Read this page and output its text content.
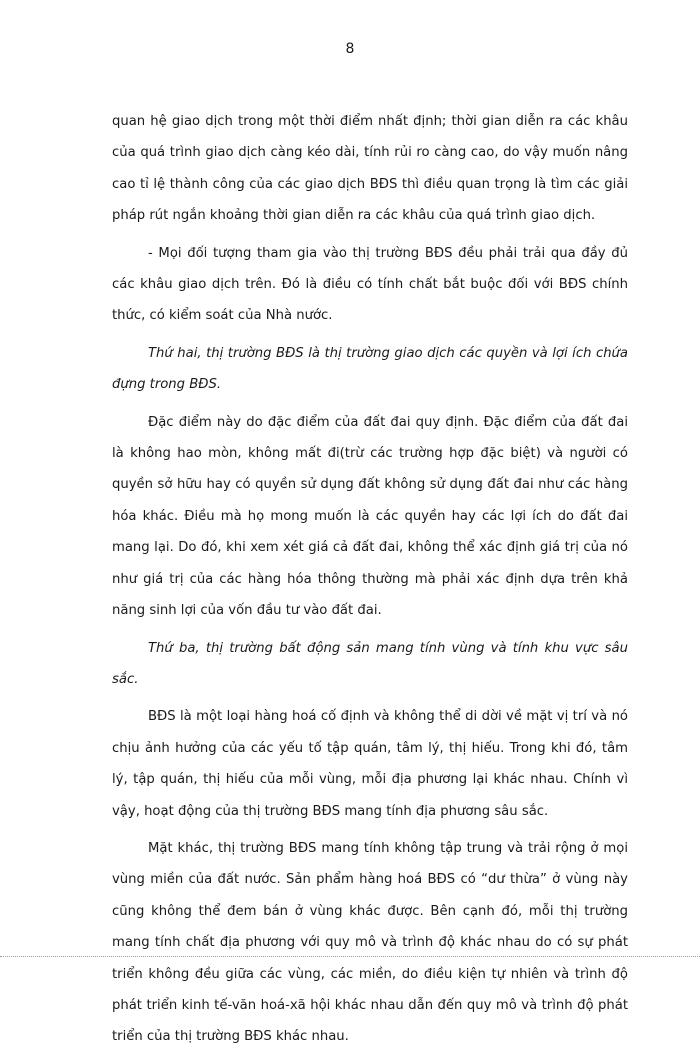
8

quan hệ giao dịch trong một thời điểm nhất định; thời gian diễn ra các khâu của quá trình giao dịch càng kéo dài, tính rủi ro càng cao, do vậy muốn nâng cao tỉ lệ thành công của các giao dịch BĐS thì điều quan trọng là tìm các giải pháp rút ngắn khoảng thời gian diễn ra các khâu của quá trình giao dịch.

- Mọi đối tượng tham gia vào thị trường BĐS đều phải trải qua đầy đủ các khâu giao dịch trên. Đó là điều có tính chất bắt buộc đối với BĐS chính thức, có kiểm soát của Nhà nước.

Thứ hai, thị trường BĐS là thị trường giao dịch các quyền và lợi ích chứa đựng trong BĐS.

Đặc điểm này do đặc điểm của đất đai quy định. Đặc điểm của đất đai là không hao mòn, không mất đi(trừ các trường hợp đặc biệt) và người có quyền sở hữu hay có quyền sử dụng đất không sử dụng đất đai như các hàng hóa khác. Điều mà họ mong muốn là các quyền hay các lợi ích do đất đai mang lại. Do đó, khi xem xét giá cả đất đai, không thể xác định giá trị của nó như giá trị của các hàng hóa thông thường mà phải xác định dựa trên khả năng sinh lợi của vốn đầu tư vào đất đai.

Thứ ba, thị trường bất động sản mang tính vùng và tính khu vực sâu sắc.

BĐS là một loại hàng hoá cố định và không thể di dời về mặt vị trí và nó chịu ảnh hưởng của các yếu tố tập quán, tâm lý, thị hiếu. Trong khi đó, tâm lý, tập quán, thị hiếu của mỗi vùng, mỗi địa phương lại khác nhau. Chính vì vậy, hoạt động của thị trường BĐS mang tính địa phương sâu sắc.

Mặt khác, thị trường BĐS mang tính không tập trung và trải rộng ở mọi vùng miền của đất nước. Sản phẩm hàng hoá BĐS có “dư thừa” ở vùng này cũng không thể đem bán ở vùng khác được. Bên cạnh đó, mỗi thị trường mang tính chất địa phương với quy mô và trình độ khác nhau do có sự phát triển không đều giữa các vùng, các miền, do điều kiện tự nhiên và trình độ phát triển kinh tế-văn hoá-xã hội khác nhau dẫn đến quy mô và trình độ phát triển của thị trường BĐS khác nhau.
